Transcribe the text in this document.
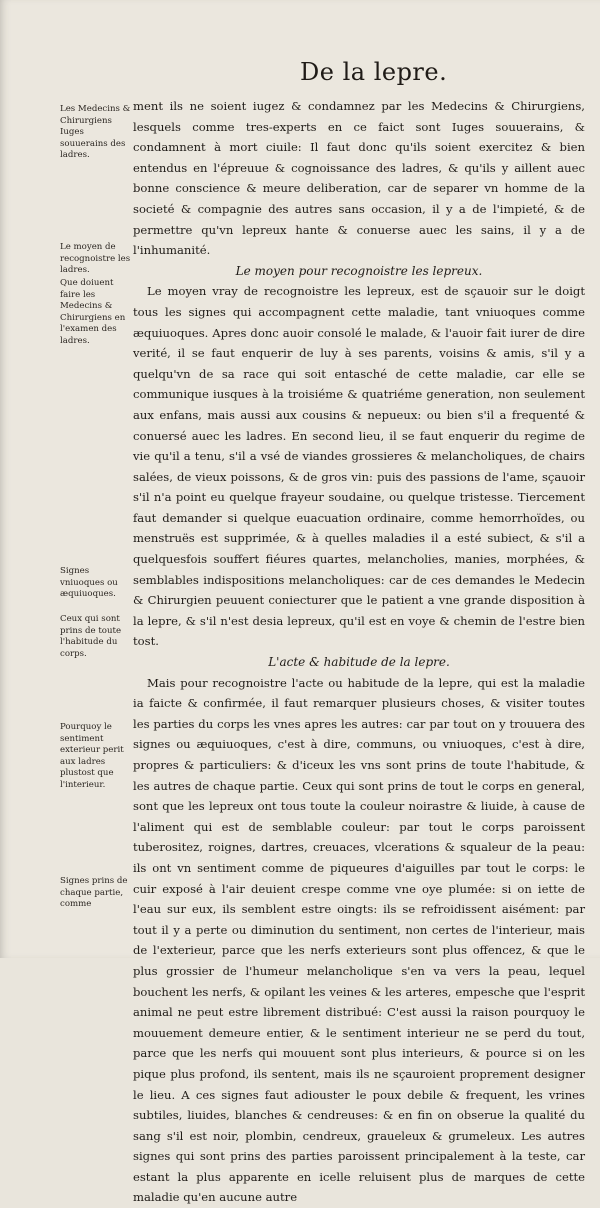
De la lepre.
Les Medecins & Chirurgiens Iuges souuerains des ladres.
Le moyen de recognoistre les ladres.
Que doiuent faire les Medecins & Chirurgiens en l'examen des ladres.
Signes vniuoques ou æquiuoques.
Ceux qui sont prins de toute l'habitude du corps.
Pourquoy le sentiment exterieur perit aux ladres plustost que l'interieur.
Signes prins de chaque partie, comme

ment ils ne soient iugez & condamnez par les Medecins & Chirurgiens, lesquels comme tres-experts en ce faict sont Iuges souuerains, & condamnent à mort ciuile: Il faut donc qu'ils soient exercitez & bien entendus en l'épreuue & cognoissance des ladres, & qu'ils y aillent auec bonne conscience & meure deliberation, car de separer vn homme de la societé & compagnie des autres sans occasion, il y a de l'impieté, & de permettre qu'vn lepreux hante & conuerse auec les sains, il y a de l'inhumanité.

Le moyen pour recognoistre les lepreux.

Le moyen vray de recognoistre les lepreux, est de sçauoir sur le doigt tous les signes qui accompagnent cette maladie, tant vniuoques comme æquiuoques. Apres donc auoir consolé le malade, & l'auoir fait iurer de dire verité, il se faut enquerir de luy à ses parents, voisins & amis, s'il y a quelqu'vn de sa race qui soit entasché de cette maladie, car elle se communique iusques à la troisiéme & quatriéme generation, non seulement aux enfans, mais aussi aux cousins & nepueux: ou bien s'il a frequenté & conuersé auec les ladres. En second lieu, il se faut enquerir du regime de vie qu'il a tenu, s'il a vsé de viandes grossieres & melancholiques, de chairs salées, de vieux poissons, & de gros vin: puis des passions de l'ame, sçauoir s'il n'a point eu quelque frayeur soudaine, ou quelque tristesse. Tiercement faut demander si quelque euacuation ordinaire, comme hemorrhoïdes, ou menstruës est supprimée, & à quelles maladies il a esté subiect, & s'il a quelquesfois souffert fiéures quartes, melancholies, manies, morphées, & semblables indispositions melancholiques: car de ces demandes le Medecin & Chirurgien peuuent coniecturer que le patient a vne grande disposition à la lepre, & s'il n'est desia lepreux, qu'il est en voye & chemin de l'estre bien tost.

L'acte & habitude de la lepre.

Mais pour recognoistre l'acte ou habitude de la lepre, qui est la maladie ia faicte & confirmée, il faut remarquer plusieurs choses, & visiter toutes les parties du corps les vnes apres les autres: car par tout on y trouuera des signes ou æquiuoques, c'est à dire, communs, ou vniuoques, c'est à dire, propres & particuliers: & d'iceux les vns sont prins de toute l'habitude, & les autres de chaque partie. Ceux qui sont prins de tout le corps en general, sont que les lepreux ont tous toute la couleur noirastre & liuide, à cause de l'aliment qui est de semblable couleur: par tout le corps paroissent tuberositez, roignes, dartres, creuaces, vlcerations & squaleur de la peau: ils ont vn sentiment comme de piqueures d'aiguilles par tout le corps: le cuir exposé à l'air deuient crespe comme vne oye plumée: si on iette de l'eau sur eux, ils semblent estre oingts: ils se refroidissent aisément: par tout il y a perte ou diminution du sentiment, non certes de l'interieur, mais de l'exterieur, parce que les nerfs exterieurs sont plus offencez, & que le plus grossier de l'humeur melancholique s'en va vers la peau, lequel bouchent les nerfs, & opilant les veines & les arteres, empesche que l'esprit animal ne peut estre librement distribué: C'est aussi la raison pourquoy le mouuement demeure entier, & le sentiment interieur ne se perd du tout, parce que les nerfs qui mouuent sont plus interieurs, & pource si on les pique plus profond, ils sentent, mais ils ne sçauroient proprement designer le lieu. A ces signes faut adiouster le poux debile & frequent, les vrines subtiles, liuides, blanches & cendreuses: & en fin on obserue la qualité du sang s'il est noir, plombin, cendreux, graueleux & grumeleux. Les autres signes qui sont prins des parties paroissent principalement à la teste, car estant la plus apparente en icelle reluisent plus de marques de cette maladie qu'en aucune autre
